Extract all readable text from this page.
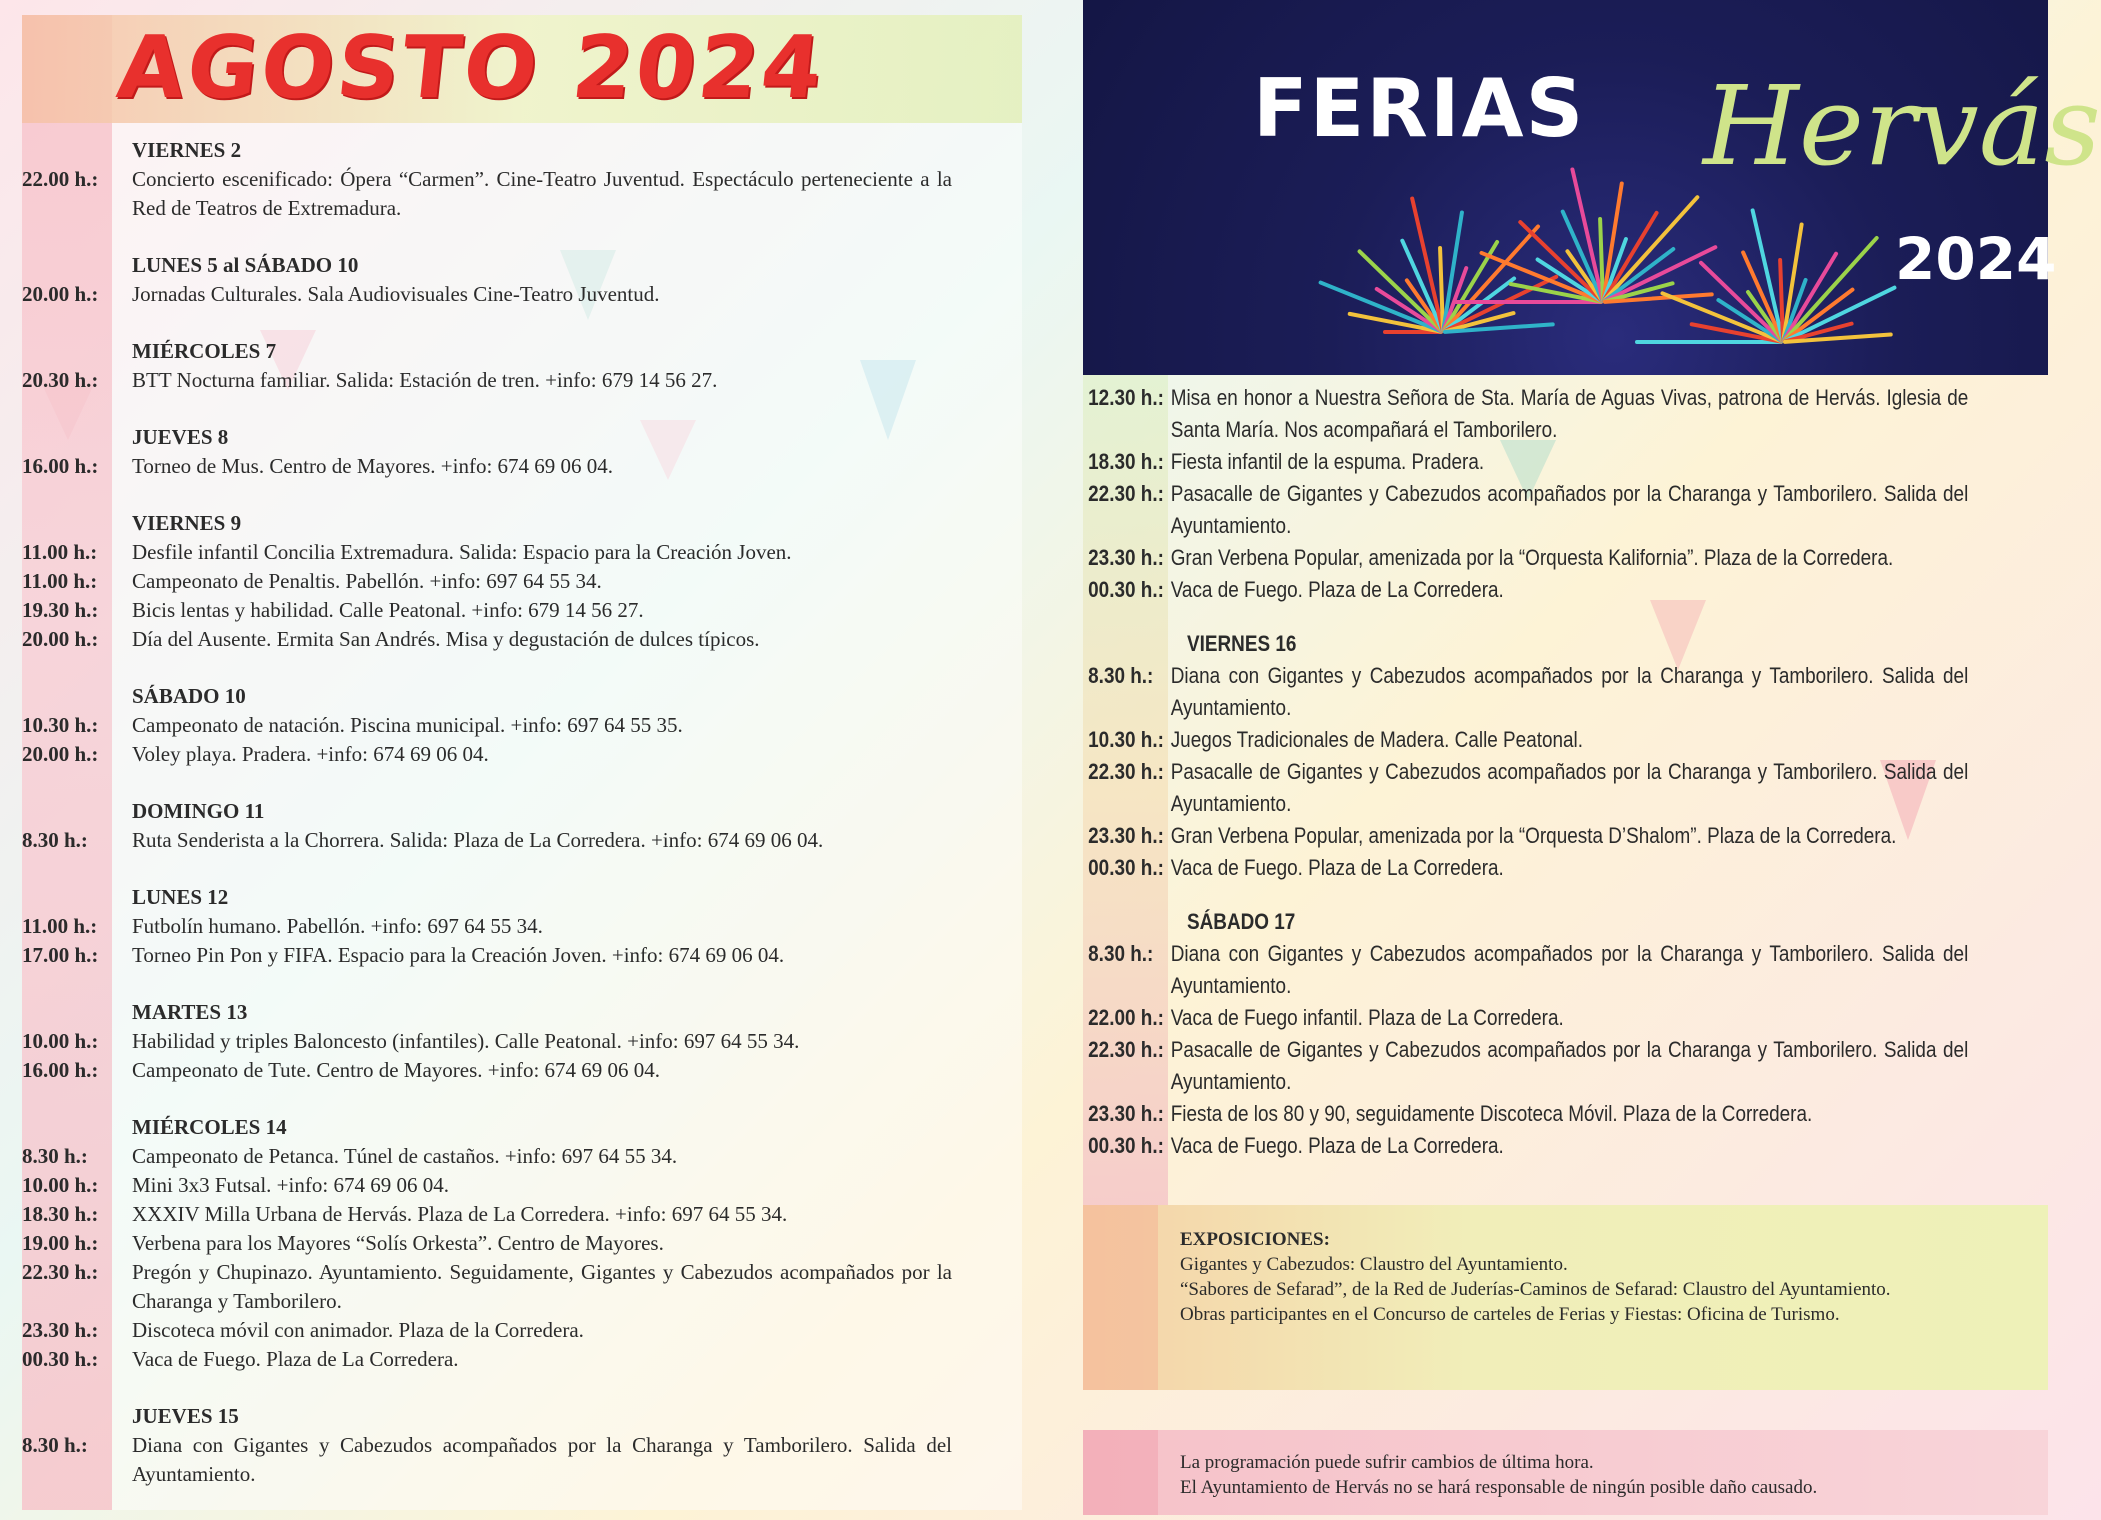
AGOSTO 2024
VIERNES 2
22.00 h.:	Concierto escenificado: Ópera “Carmen”. Cine-Teatro Juventud. Espectáculo perteneciente a la Red de Teatros de Extremadura.
LUNES 5 al SÁBADO 10
20.00 h.:	Jornadas Culturales. Sala Audiovisuales Cine-Teatro Juventud.
MIÉRCOLES 7
20.30 h.:	BTT Nocturna familiar. Salida: Estación de tren. +info: 679 14 56 27.
JUEVES 8
16.00 h.:	Torneo de Mus. Centro de Mayores. +info: 674 69 06 04.
VIERNES 9
11.00 h.:	Desfile infantil Concilia Extremadura. Salida: Espacio para la Creación Joven.
11.00 h.:	Campeonato de Penaltis. Pabellón. +info: 697 64 55 34.
19.30 h.:	Bicis lentas y habilidad. Calle Peatonal. +info: 679 14 56 27.
20.00 h.:	Día del Ausente. Ermita San Andrés. Misa y degustación de dulces típicos.
SÁBADO 10
10.30 h.:	Campeonato de natación. Piscina municipal. +info: 697 64 55 35.
20.00 h.:	Voley playa. Pradera. +info: 674 69 06 04.
DOMINGO 11
8.30 h.:	Ruta Senderista a la Chorrera. Salida: Plaza de La Corredera. +info: 674 69 06 04.
LUNES 12
11.00 h.:	Futbolín humano. Pabellón. +info: 697 64 55 34.
17.00 h.:	Torneo Pin Pon y FIFA. Espacio para la Creación Joven. +info: 674 69 06 04.
MARTES 13
10.00 h.:	Habilidad y triples Baloncesto (infantiles). Calle Peatonal. +info: 697 64 55 34.
16.00 h.:	Campeonato de Tute. Centro de Mayores. +info: 674 69 06 04.
MIÉRCOLES 14
8.30 h.:	Campeonato de Petanca. Túnel de castaños. +info: 697 64 55 34.
10.00 h.:	Mini 3x3 Futsal. +info: 674 69 06 04.
18.30 h.:	XXXIV Milla Urbana de Hervás. Plaza de La Corredera. +info: 697 64 55 34.
19.00 h.:	Verbena para los Mayores “Solís Orkesta”. Centro de Mayores.
22.30 h.:	Pregón y Chupinazo. Ayuntamiento. Seguidamente, Gigantes y Cabezudos acompañados por la Charanga y Tamborilero.
23.30 h.:	Discoteca móvil con animador. Plaza de la Corredera.
00.30 h.:	Vaca de Fuego. Plaza de La Corredera.
JUEVES 15
8.30 h.:	Diana con Gigantes y Cabezudos acompañados por la Charanga y Tamborilero. Salida del Ayuntamiento.
FERIAS Hervás
2024
12.30 h.: Misa en honor a Nuestra Señora de Sta. María de Aguas Vivas, patrona de Hervás. Iglesia de Santa María. Nos acompañará el Tamborilero.
18.30 h.: Fiesta infantil de la espuma. Pradera.
22.30 h.: Pasacalle de Gigantes y Cabezudos acompañados por la Charanga y Tamborilero. Salida del Ayuntamiento.
23.30 h.: Gran Verbena Popular, amenizada por la “Orquesta Kalifornia”. Plaza de la Corredera.
00.30 h.: Vaca de Fuego. Plaza de La Corredera.
VIERNES 16
8.30 h.: Diana con Gigantes y Cabezudos acompañados por la Charanga y Tamborilero. Salida del Ayuntamiento.
10.30 h.: Juegos Tradicionales de Madera. Calle Peatonal.
22.30 h.: Pasacalle de Gigantes y Cabezudos acompañados por la Charanga y Tamborilero. Salida del Ayuntamiento.
23.30 h.: Gran Verbena Popular, amenizada por la “Orquesta D’Shalom”. Plaza de la Corredera.
00.30 h.: Vaca de Fuego. Plaza de La Corredera.
SÁBADO 17
8.30 h.: Diana con Gigantes y Cabezudos acompañados por la Charanga y Tamborilero. Salida del Ayuntamiento.
22.00 h.: Vaca de Fuego infantil. Plaza de La Corredera.
22.30 h.: Pasacalle de Gigantes y Cabezudos acompañados por la Charanga y Tamborilero. Salida del Ayuntamiento.
23.30 h.: Fiesta de los 80 y 90, seguidamente Discoteca Móvil. Plaza de la Corredera.
00.30 h.: Vaca de Fuego. Plaza de La Corredera.
EXPOSICIONES:
Gigantes y Cabezudos: Claustro del Ayuntamiento.
“Sabores de Sefarad”, de la Red de Juderías-Caminos de Sefarad: Claustro del Ayuntamiento.
Obras participantes en el Concurso de carteles de Ferias y Fiestas: Oficina de Turismo.
La programación puede sufrir cambios de última hora.
El Ayuntamiento de Hervás no se hará responsable de ningún posible daño causado.
